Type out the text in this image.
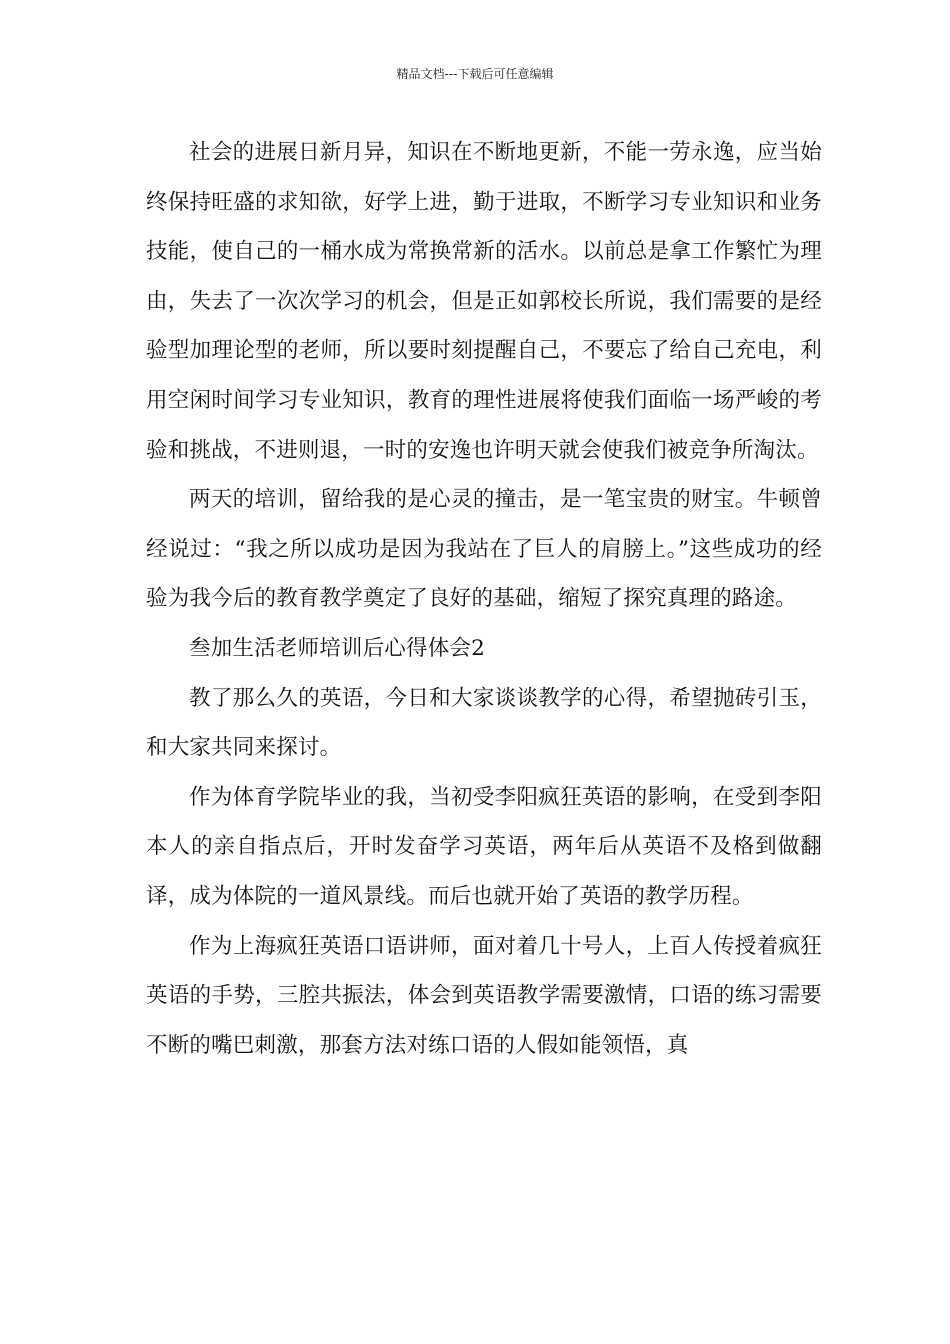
精品文档---下载后可任意编辑

社会的进展日新月异，知识在不断地更新，不能一劳永逸，应当始终保持旺盛的求知欲，好学上进，勤于进取，不断学习专业知识和业务技能，使自己的一桶水成为常换常新的活水。以前总是拿工作繁忙为理由，失去了一次次学习的机会，但是正如郭校长所说，我们需要的是经验型加理论型的老师，所以要时刻提醒自己，不要忘了给自己充电，利用空闲时间学习专业知识，教育的理性进展将使我们面临一场严峻的考验和挑战，不进则退，一时的安逸也许明天就会使我们被竞争所淘汰。

两天的培训，留给我的是心灵的撞击，是一笔宝贵的财宝。牛顿曾经说过：“我之所以成功是因为我站在了巨人的肩膀上。”这些成功的经验为我今后的教育教学奠定了良好的基础，缩短了探究真理的路途。

叁加生活老师培训后心得体会2

教了那么久的英语，今日和大家谈谈教学的心得，希望抛砖引玉，和大家共同来探讨。

作为体育学院毕业的我，当初受李阳疯狂英语的影响，在受到李阳本人的亲自指点后，开时发奋学习英语，两年后从英语不及格到做翻译，成为体院的一道风景线。而后也就开始了英语的教学历程。

作为上海疯狂英语口语讲师，面对着几十号人，上百人传授着疯狂英语的手势，三腔共振法，体会到英语教学需要激情，口语的练习需要不断的嘴巴刺激，那套方法对练口语的人假如能领悟，真
